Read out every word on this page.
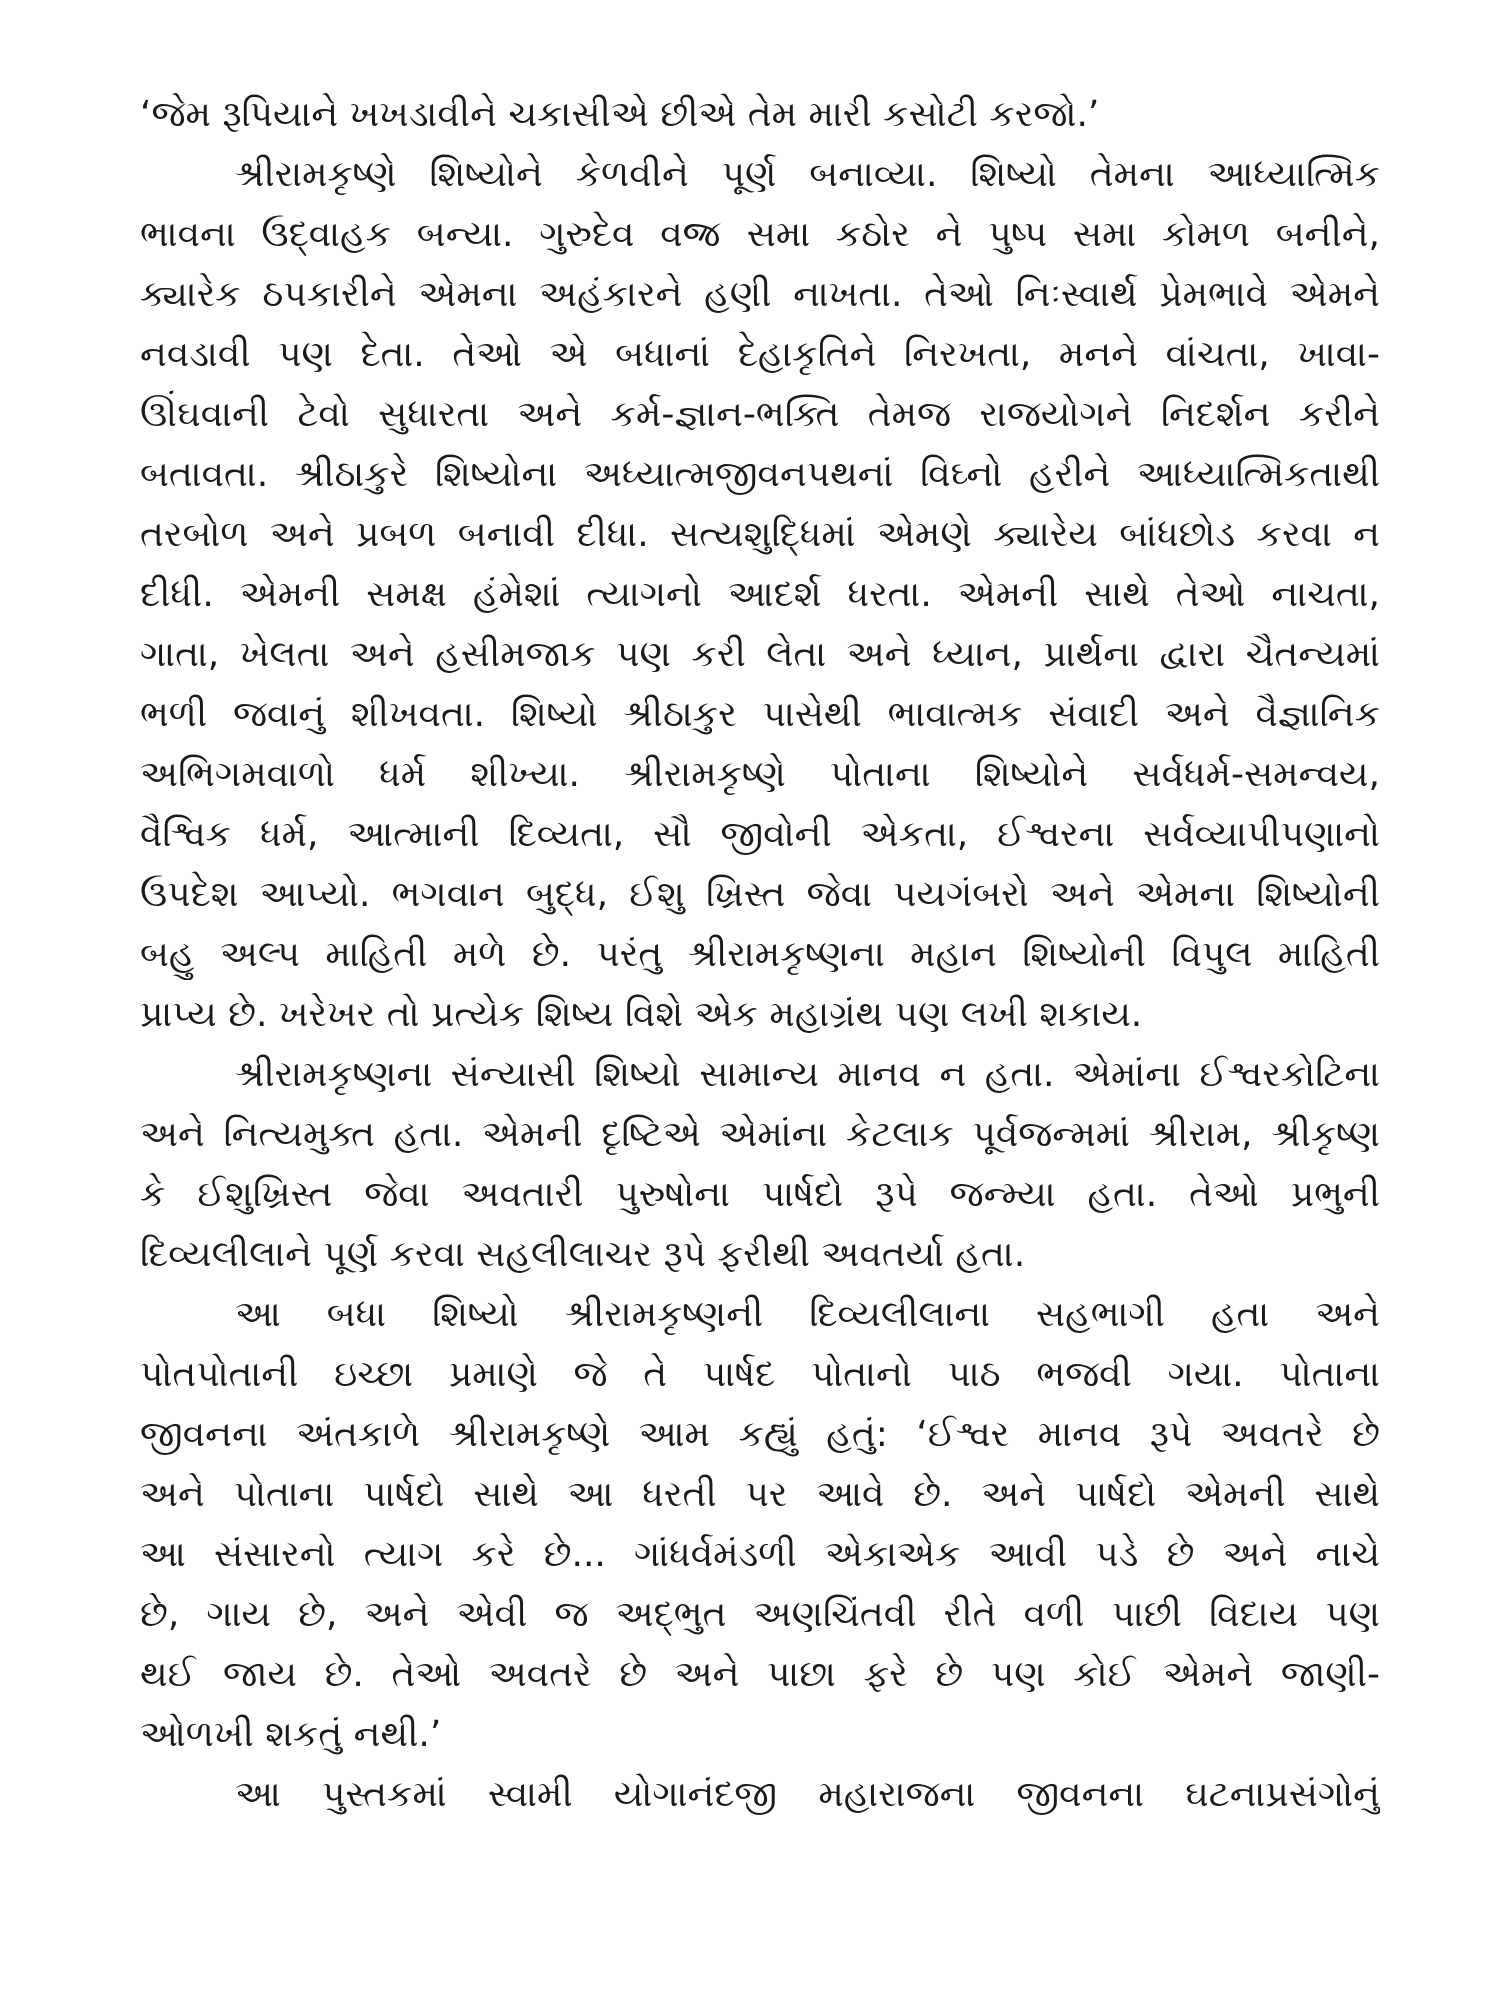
‘જેમ રૂપિયાને ખખડાવીને ચકાસીએ છીએ તેમ મારી કસોટી કરજો.’
શ્રીરામકૃષ્ણે શિષ્યોને કેળવીને પૂર્ણ બનાવ્યા. શિષ્યો તેમના આધ્યાત્મિક
ભાવના ઉદ્‌વાહક બન્યા. ગુરુદેવ વજ્ર સમા કઠોર ને પુષ્પ સમા કોમળ બનીને,
ક્યારેક ઠપકારીને એમના અહંકારને હણી નાખતા. તેઓ નિઃસ્વાર્થ પ્રેમભાવે એમને
નવડાવી પણ દેતા. તેઓ એ બધાનાં દેહાકૃતિને નિરખતા, મનને વાંચતા, ખાવા-
ઊંઘવાની ટેવો સુધારતા અને કર્મ-જ્ઞાન-ભક્તિ તેમજ રાજયોગને નિદર્શન કરીને
બતાવતા. શ્રીઠાકુરે શિષ્યોના અધ્યાત્મજીવનપથનાં વિઘ્નો હરીને આધ્યાત્મિકતાથી
તરબોળ અને પ્રબળ બનાવી દીધા. સત્યશુદ્ધિમાં એમણે ક્યારેય બાંધછોડ કરવા ન
દીધી. એમની સમક્ષ હંમેશાં ત્યાગનો આદર્શ ધરતા. એમની સાથે તેઓ નાચતા,
ગાતા, ખેલતા અને હસીમજાક પણ કરી લેતા અને ધ્યાન, પ્રાર્થના દ્વારા ચૈતન્યમાં
ભળી જવાનું શીખવતા. શિષ્યો શ્રીઠાકુર પાસેથી ભાવાત્મક સંવાદી અને વૈજ્ઞાનિક
અભિગમવાળો ધર્મ શીખ્યા. શ્રીરામકૃષ્ણે પોતાના શિષ્યોને સર્વધર્મ-સમન્વય,
વૈશ્વિક ધર્મ, આત્માની દિવ્યતા, સૌ જીવોની એકતા, ઈશ્વરના સર્વવ્યાપીપણાનો
ઉપદેશ આપ્યો. ભગવાન બુદ્ધ, ઈશુ ખ્રિસ્ત જેવા પયગંબરો અને એમના શિષ્યોની
બહુ અલ્પ માહિતી મળે છે. પરંતુ શ્રીરામકૃષ્ણના મહાન શિષ્યોની વિપુલ માહિતી
પ્રાપ્ય છે. ખરેખર તો પ્રત્યેક શિષ્ય વિશે એક મહાગ્રંથ પણ લખી શકાય.
શ્રીરામકૃષ્ણના સંન્યાસી શિષ્યો સામાન્ય માનવ ન હતા. એમાંના ઈશ્વરકોટિના
અને નિત્યમુક્ત હતા. એમની દૃષ્ટિએ એમાંના કેટલાક પૂર્વજન્મમાં શ્રીરામ, શ્રીકૃષ્ણ
કે ઈશુખ્રિસ્ત જેવા અવતારી પુરુષોના પાર્ષદો રૂપે જન્મ્યા હતા. તેઓ પ્રભુની
દિવ્યલીલાને પૂર્ણ કરવા સહલીલાચર રૂપે ફરીથી અવતર્યા હતા.
આ બધા શિષ્યો શ્રીરામકૃષ્ણની દિવ્યલીલાના સહભાગી હતા અને
પોતપોતાની ઇચ્છા પ્રમાણે જે તે પાર્ષદ પોતાનો પાઠ ભજવી ગયા. પોતાના
જીવનના અંતકાળે શ્રીરામકૃષ્ણે આમ કહ્યું હતું: ‘ઈશ્વર માનવ રૂપે અવતરે છે
અને પોતાના પાર્ષદો સાથે આ ધરતી પર આવે છે. અને પાર્ષદો એમની સાથે
આ સંસારનો ત્યાગ કરે છે... ગાંધર્વમંડળી એકાએક આવી પડે છે અને નાચે
છે, ગાય છે, અને એવી જ અદ્‌ભુત અણચિંતવી રીતે વળી પાછી વિદાય પણ
થઈ જાય છે. તેઓ અવતરે છે અને પાછા ફરે છે પણ કોઈ એમને જાણી-
ઓળખી શકતું નથી.’
આ પુસ્તકમાં સ્વામી યોગાનંદજી મહારાજના જીવનના ઘટનાપ્રસંગોનું
